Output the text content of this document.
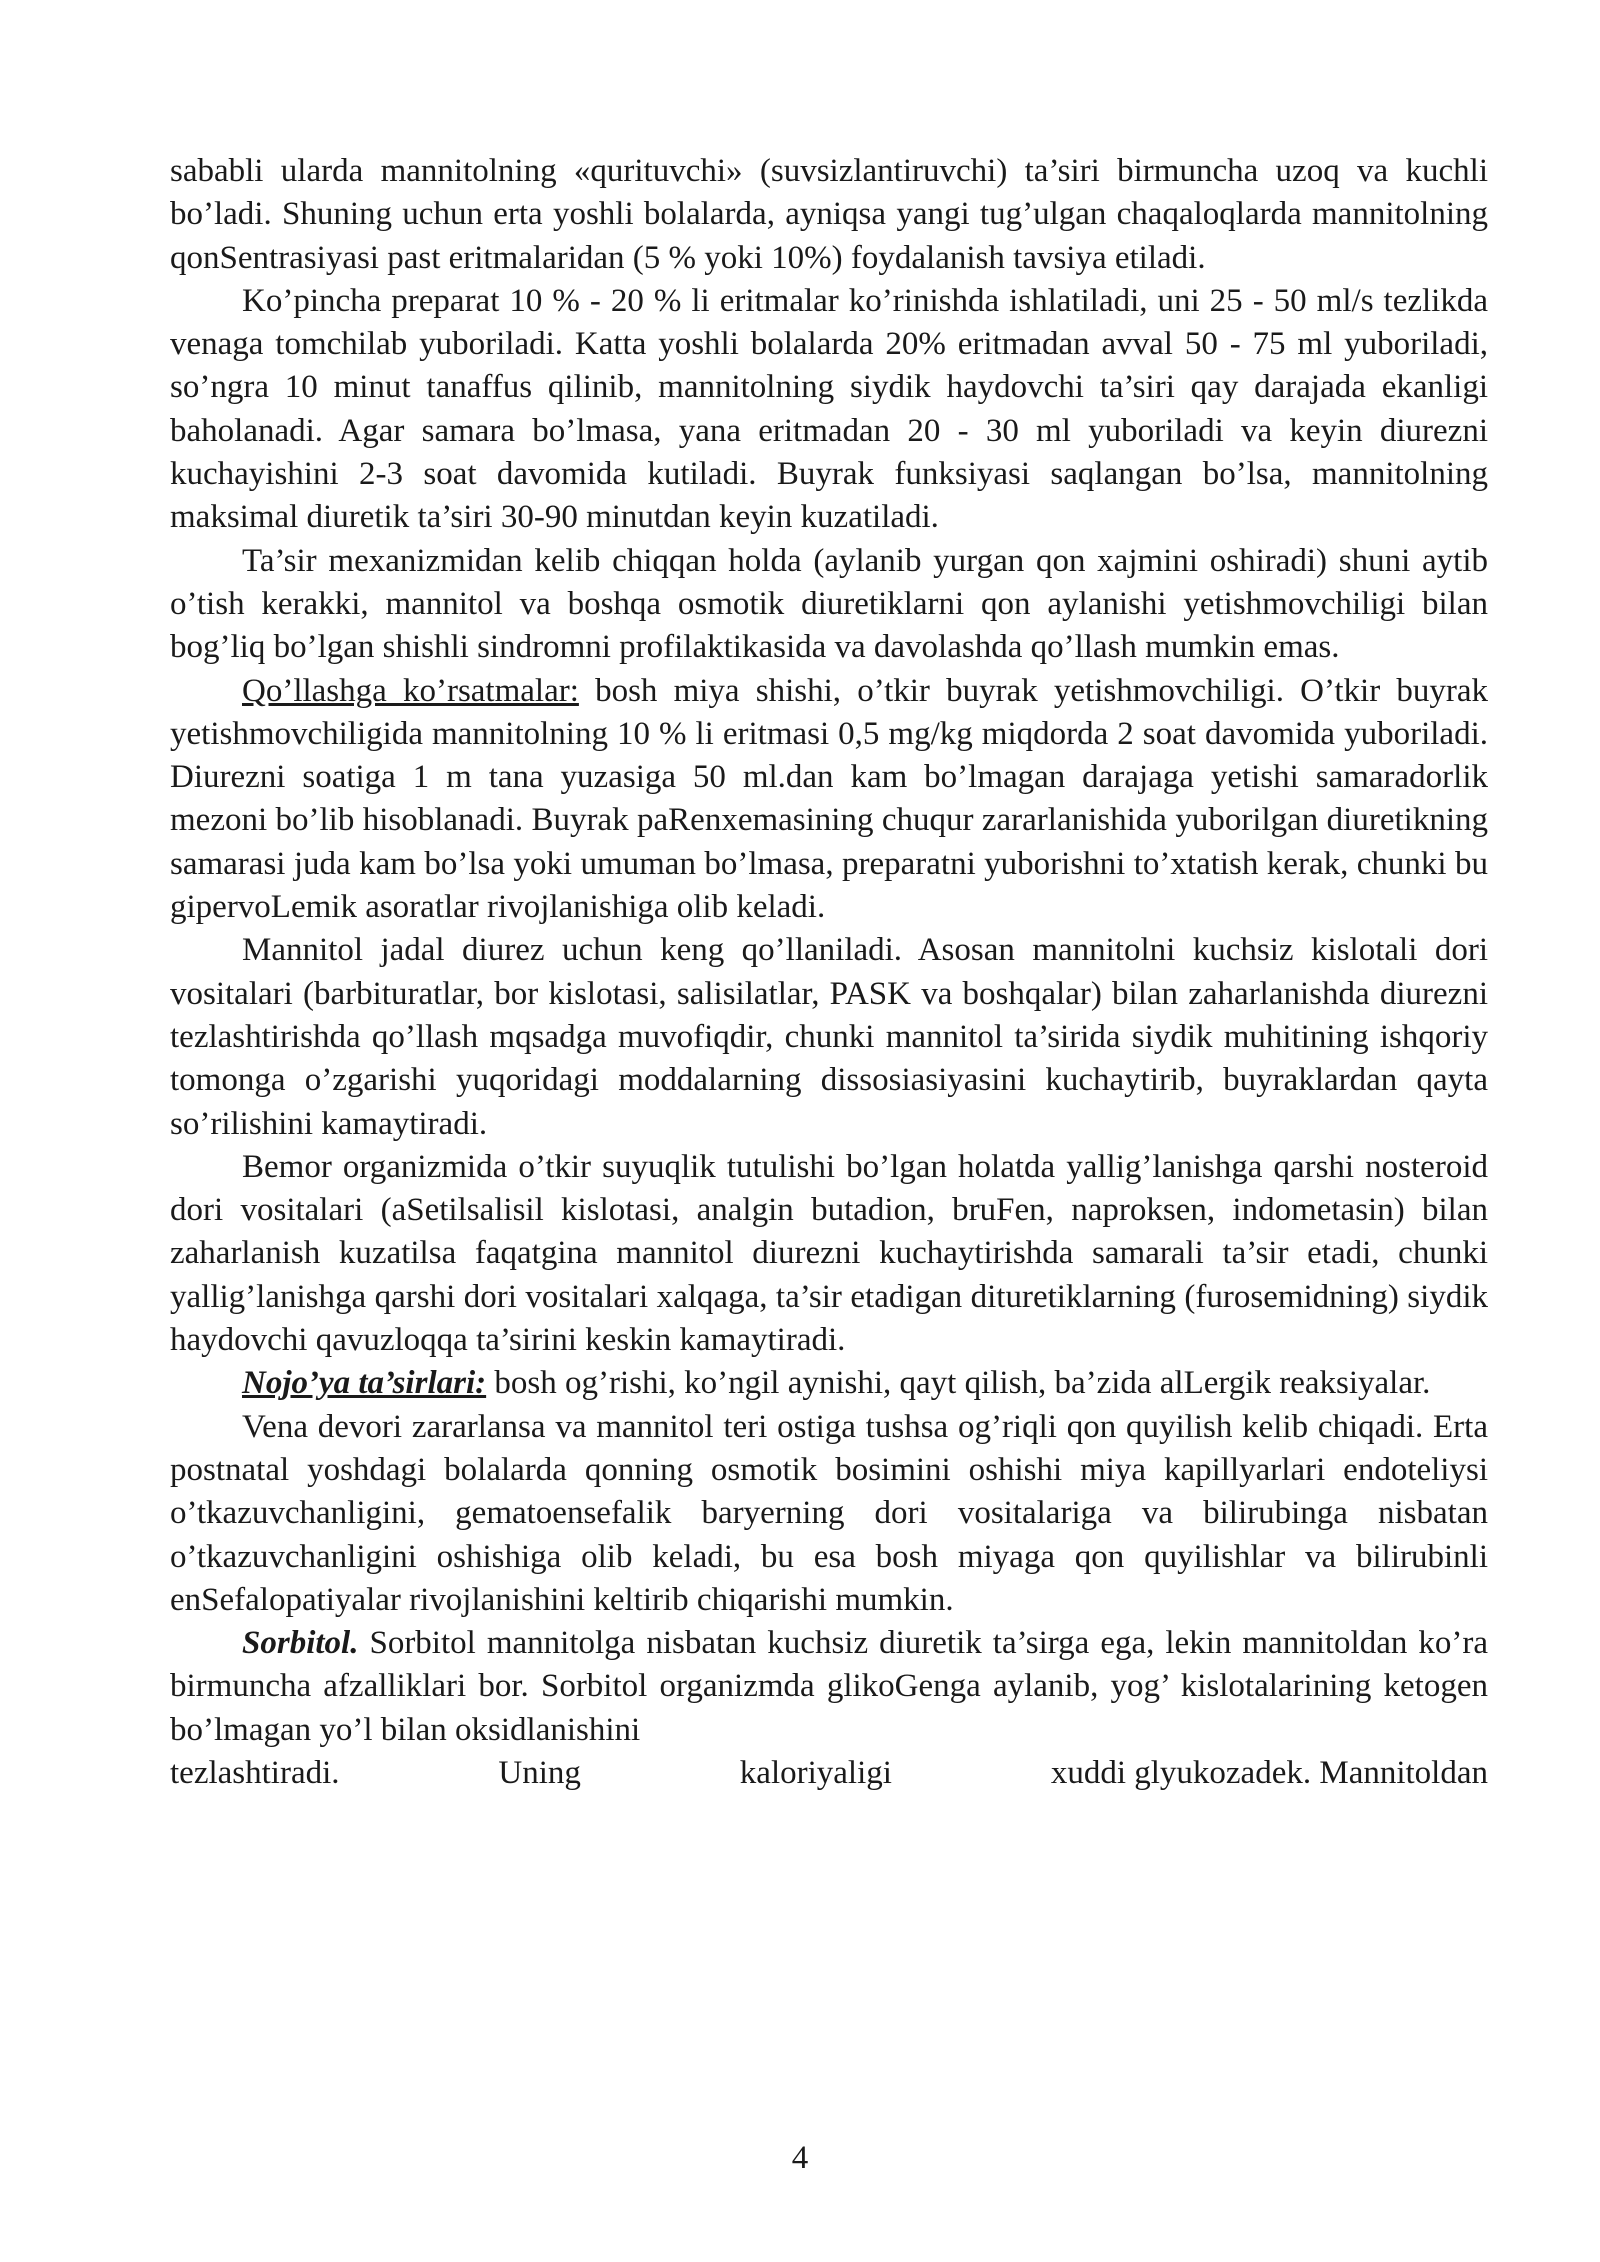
sababli ularda mannitolning «qurituvchi» (suvsizlantiruvchi) ta’siri birmuncha uzoq va kuchli bo’ladi. Shuning uchun erta yoshli bolalarda, ayniqsa yangi tug’ulgan chaqaloqlarda mannitolning qonSentrasiyasi past eritmalaridan (5 % yoki 10%) foydalanish tavsiya etiladi.

Ko’pincha preparat 10 % - 20 % li eritmalar ko’rinishda ishlatiladi, uni 25 - 50 ml/s tezlikda venaga tomchilab yuboriladi. Katta yoshli bolalarda 20% eritmadan avval 50 - 75 ml yuboriladi, so’ngra 10 minut tanaffus qilinib, mannitolning siydik haydovchi ta’siri qay darajada ekanligi baholanadi. Agar samara bo’lmasa, yana eritmadan 20 - 30 ml yuboriladi va keyin diurezni kuchayishini 2-3 soat davomida kutiladi. Buyrak funksiyasi saqlangan bo’lsa, mannitolning maksimal diuretik ta’siri 30-90 minutdan keyin kuzatiladi.

Ta’sir mexanizmidan kelib chiqqan holda (aylanib yurgan qon xajmini oshiradi) shuni aytib o’tish kerakki, mannitol va boshqa osmotik diuretiklarni qon aylanishi yetishmovchiligi bilan bog’liq bo’lgan shishli sindromni profilaktikasida va davolashda qo’llash mumkin emas.

Qo’llashga ko’rsatmalar: bosh miya shishi, o’tkir buyrak yetishmovchiligi. O’tkir buyrak yetishmovchiligida mannitolning 10 % li eritmasi 0,5 mg/kg miqdorda 2 soat davomida yuboriladi. Diurezni soatiga 1 m tana yuzasiga 50 ml.dan kam bo’lmagan darajaga yetishi samaradorlik mezoni bo’lib hisoblanadi. Buyrak paRenxemasining chuqur zararlanishida yuborilgan diuretikning samarasi juda kam bo’lsa yoki umuman bo’lmasa, preparatni yuborishni to’xtatish kerak, chunki bu gipervoLemik asoratlar rivojlanishiga olib keladi.

Mannitol jadal diurez uchun keng qo’llaniladi. Asosan mannitolni kuchsiz kislotali dori vositalari (barbituratlar, bor kislotasi, salisilatlar, PASK va boshqalar) bilan zaharlanishda diurezni tezlashtirishda qo’llash mqsadga muvofiqdir, chunki mannitol ta’sirida siydik muhitining ishqoriy tomonga o’zgarishi yuqoridagi moddalarning dissosiasiyasini kuchaytirib, buyraklardan qayta so’rilishini kamaytiradi.

Bemor organizmida o’tkir suyuqlik tutulishi bo’lgan holatda yallig’lanishga qarshi nosteroid dori vositalari (aSetilsalisil kislotasi, analgin butadion, bruFen, naproksen, indometasin) bilan zaharlanish kuzatilsa faqatgina mannitol diurezni kuchaytirishda samarali ta’sir etadi, chunki yallig’lanishga qarshi dori vositalari xalqaga, ta’sir etadigan dituretiklarning (furosemidning) siydik haydovchi qavuzloqqa ta’sirini keskin kamaytiradi.

Nojo’ya ta’sirlari: bosh og’rishi, ko’ngil aynishi, qayt qilish, ba’zida alLergik reaksiyalar.

Vena devori zararlansa va mannitol teri ostiga tushsa og’riqli qon quyilish kelib chiqadi. Erta postnatal yoshdagi bolalarda qonning osmotik bosimini oshishi miya kapillyarlari endoteliysi o’tkazuvchanligini, gematoensefalik baryerning dori vositalariga va bilirubinga nisbatan o’tkazuvchanligini oshishiga olib keladi, bu esa bosh miyaga qon quyilishlar va bilirubinli enSefalopatiyalar rivojlanishini keltirib chiqarishi mumkin.

Sorbitol. Sorbitol mannitolga nisbatan kuchsiz diuretik ta’sirga ega, lekin mannitoldan ko’ra birmuncha afzalliklari bor. Sorbitol organizmda glikoGenga aylanib, yog’ kislotalarining ketogen bo’lmagan yo’l bilan oksidlanishini

tezlashtiradi.	Uning	kaloriyaligi	xuddi glyukozadek. Mannitoldan

4
